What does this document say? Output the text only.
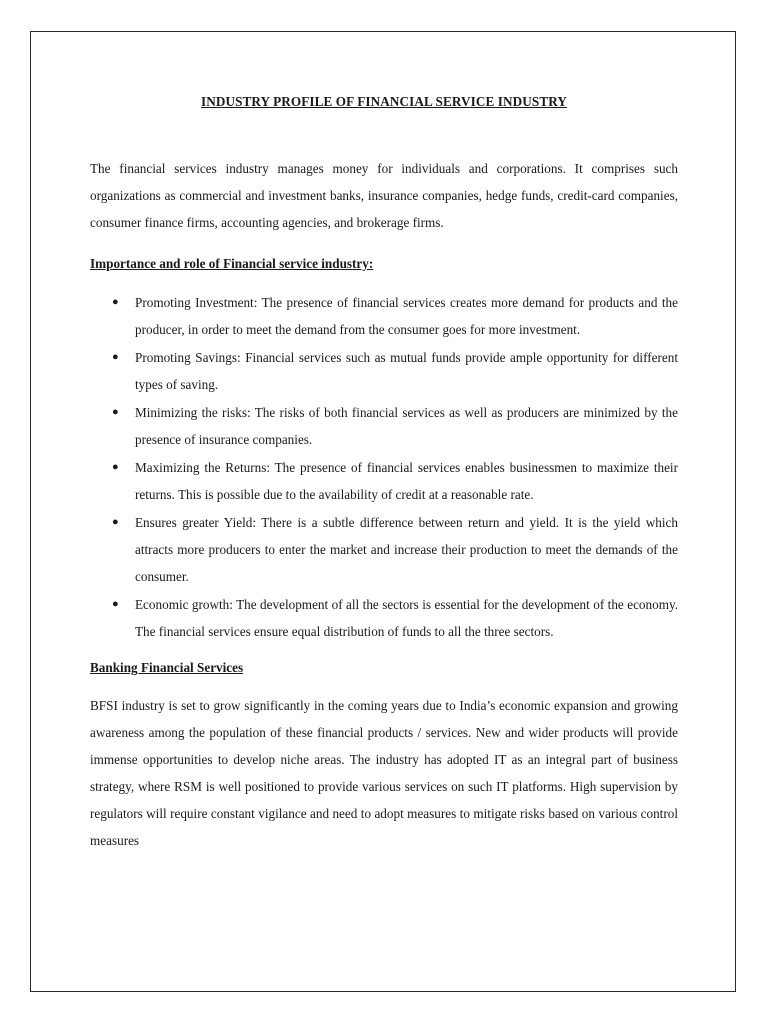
INDUSTRY PROFILE OF FINANCIAL SERVICE INDUSTRY

The financial services industry manages money for individuals and corporations. It comprises such organizations as commercial and investment banks, insurance companies, hedge funds, credit-card companies, consumer finance firms, accounting agencies, and brokerage firms.

Importance and role of Financial service industry:
● Promoting Investment: The presence of financial services creates more demand for products and the producer, in order to meet the demand from the consumer goes for more investment.
● Promoting Savings: Financial services such as mutual funds provide ample opportunity for different types of saving.
● Minimizing the risks: The risks of both financial services as well as producers are minimized by the presence of insurance companies.
● Maximizing the Returns: The presence of financial services enables businessmen to maximize their returns. This is possible due to the availability of credit at a reasonable rate.
● Ensures greater Yield: There is a subtle difference between return and yield. It is the yield which attracts more producers to enter the market and increase their production to meet the demands of the consumer.
● Economic growth: The development of all the sectors is essential for the development of the economy. The financial services ensure equal distribution of funds to all the three sectors.
Banking Financial Services

BFSI industry is set to grow significantly in the coming years due to India’s economic expansion and growing awareness among the population of these financial products / services. New and wider products will provide immense opportunities to develop niche areas. The industry has adopted IT as an integral part of business strategy, where RSM is well positioned to provide various services on such IT platforms. High supervision by regulators will require constant vigilance and need to adopt measures to mitigate risks based on various control measures
